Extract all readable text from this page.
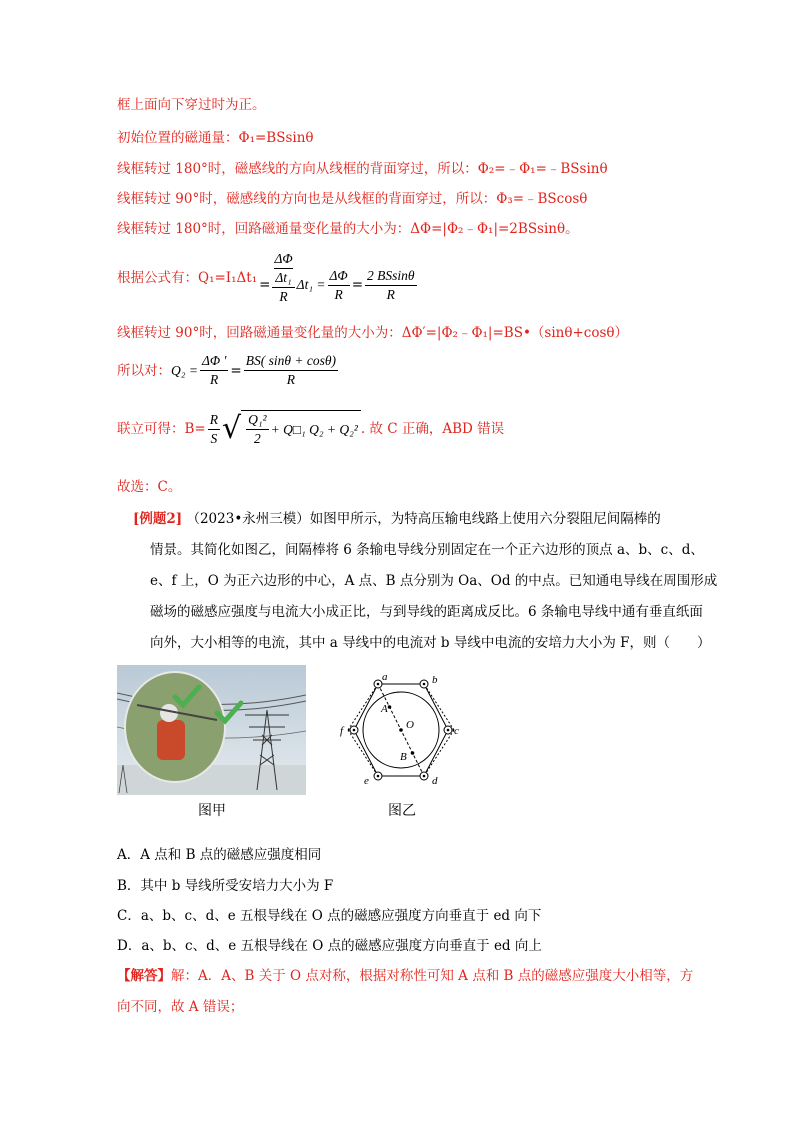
框上面向下穿过时为正。
初始位置的磁通量：Φ₁=BSsinθ
线框转过 180°时，磁感线的方向从线框的背面穿过，所以：Φ₂=﹣Φ₁=﹣BSsinθ
线框转过 90°时，磁感线的方向也是从线框的背面穿过，所以：Φ₃=﹣BScosθ
线框转过 180°时，回路磁通量变化量的大小为：ΔΦ=|Φ₂﹣Φ₁|=2BSsinθ。
根据公式有：Q₁=I₁Δt₁ = ΔΦ
Δt₁
R $\Delta t_1 = \frac{\Delta\Phi}{R} = \frac{2 BSsin\theta}{R}$
线框转过 90°时，回路磁通量变化量的大小为：ΔΦ′=|Φ₂﹣Φ₁|=BS•（sinθ+cosθ）
所以对： $Q_2 = \frac{\Delta\Phi '}{R} = \frac{BS( \sin\theta + \cos\theta)}{R}$
联立可得：$B= \frac{R}{S}$ √ $\frac{\text{Q₁²}}{2}$ + Q□₁ Q₂ + Q₂² . 故 C 正确，ABD 错误
故选：C。
[例题2] （2023•永州三模）如图甲所示，为特高压输电线路上使用六分裂阻尼间隔棒的
情景。其简化如图乙，间隔棒将 6 条输电导线分别固定在一个正六边形的顶点 a、b、c、d、
e、f 上，O 为正六边形的中心，A 点、B 点分别为 Oa、Od 的中点。已知通电导线在周围形成
磁场的磁感应强度与电流大小成正比，与到导线的距离成反比。6 条输电导线中通有垂直纸面
向外，大小相等的电流，其中 a 导线中的电流对 b 导线中电流的安培力大小为 F，则（　　）
a	b
c
d
e
f
A
O
B
图甲	图乙
A．A 点和 B 点的磁感应强度相同
B．其中 b 导线所受安培力大小为 F
C．a、b、c、d、e 五根导线在 O 点的磁感应强度方向垂直于 ed 向下
D．a、b、c、d、e 五根导线在 O 点的磁感应强度方向垂直于 ed 向上
【解答】解：A．A、B 关于 O 点对称，根据对称性可知 A 点和 B 点的磁感应强度大小相等，方
向不同，故 A 错误；
